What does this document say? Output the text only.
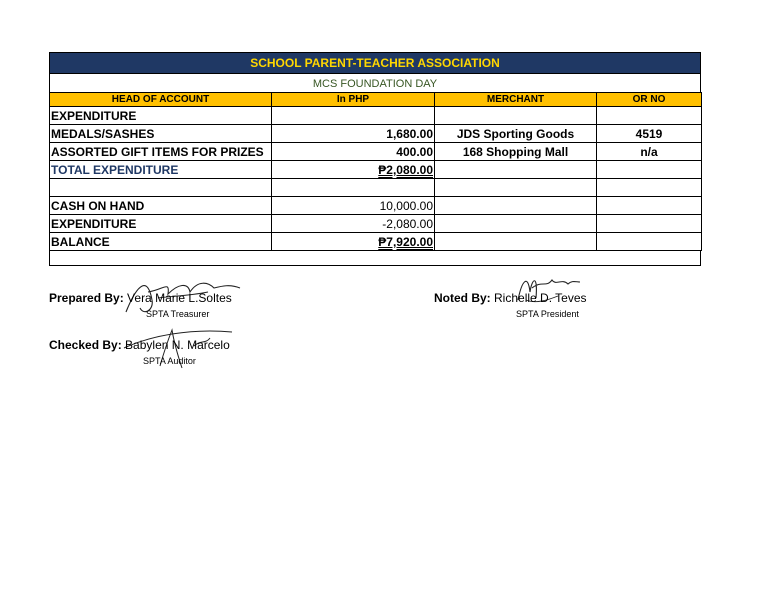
SCHOOL PARENT-TEACHER ASSOCIATION
MCS FOUNDATION DAY
HEAD OF ACCOUNT	In PHP	MERCHANT	OR NO
EXPENDITURE			
MEDALS/SASHES	1,680.00	JDS Sporting Goods	4519
ASSORTED GIFT ITEMS FOR PRIZES	400.00	168 Shopping Mall	n/a
TOTAL EXPENDITURE	₱2,080.00		

CASH ON HAND	10,000.00		
EXPENDITURE	-2,080.00		
BALANCE	₱7,920.00		
Prepared By: Vera Marie L.Soltes
SPTA Treasurer
Noted By: Richelle D. Teves
SPTA President
Checked By: Babylen N. Marcelo
SPTA Auditor
